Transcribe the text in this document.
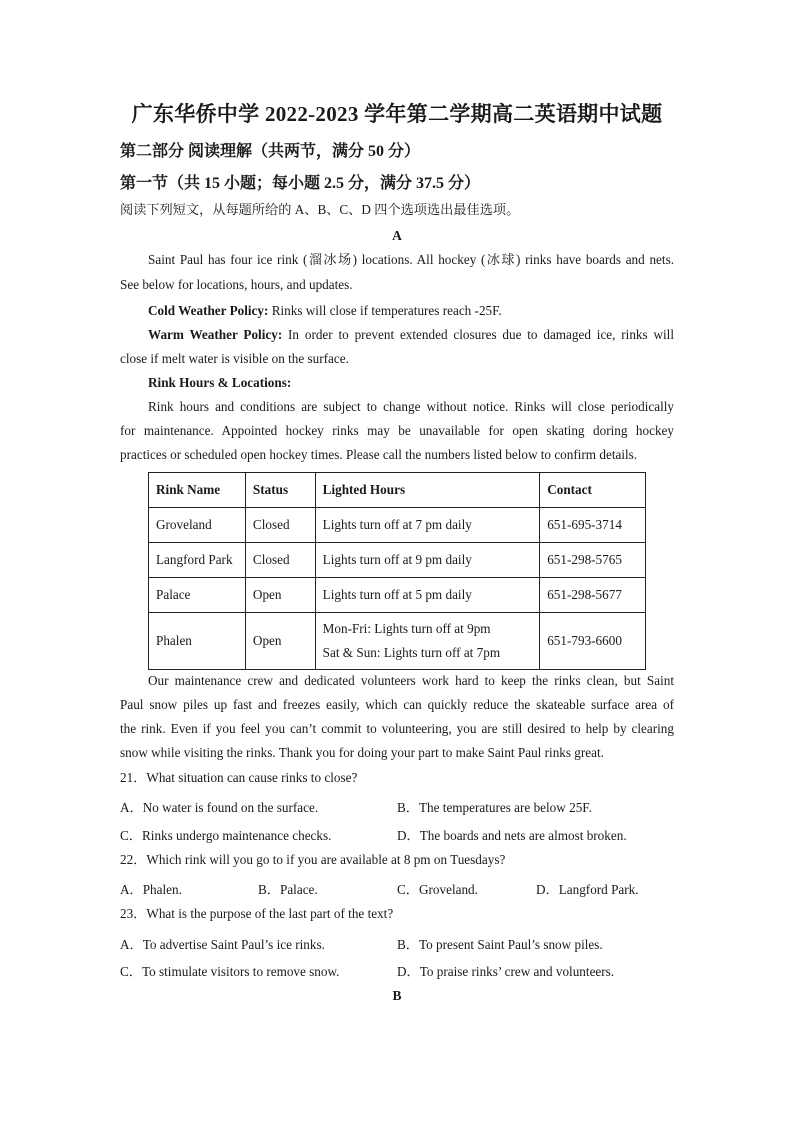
广东华侨中学 2022-2023 学年第二学期高二英语期中试题
第二部分 阅读理解（共两节，满分 50 分）
第一节（共 15 小题；每小题 2.5 分，满分 37.5 分）
阅读下列短文，从每题所给的 A、B、C、D 四个选项选出最佳选项。
A
Saint Paul has four ice rink (溜冰场) locations. All hockey (冰球) rinks have boards and nets.
See below for locations, hours, and updates.
Cold Weather Policy: Rinks will close if temperatures reach -25F.
Warm Weather Policy: In order to prevent extended closures due to damaged ice, rinks will
close if melt water is visible on the surface.
Rink Hours & Locations:
Rink hours and conditions are subject to change without notice. Rinks will close periodically
for maintenance. Appointed hockey rinks may be unavailable for open skating doring hockey
practices or scheduled open hockey times. Please call the numbers listed below to confirm details.
Rink Name	Status	Lighted Hours	Contact
Groveland	Closed	Lights turn off at 7 pm daily	651-695-3714
Langford Park	Closed	Lights turn off at 9 pm daily	651-298-5765
Palace	Open	Lights turn off at 5 pm daily	651-298-5677
Phalen	Open	Mon-Fri: Lights turn off at 9pm
Sat & Sun: Lights turn off at 7pm	651-793-6600
Our maintenance crew and dedicated volunteers work hard to keep the rinks clean, but Saint
Paul snow piles up fast and freezes easily, which can quickly reduce the skateable surface area of
the rink. Even if you feel you can’t commit to volunteering, you are still desired to help by clearing
snow while visiting the rinks. Thank you for doing your part to make Saint Paul rinks great.
21．What situation can cause rinks to close?
A．No water is found on the surface.	B．The temperatures are below 25F.
C．Rinks undergo maintenance checks.	D．The boards and nets are almost broken.
22．Which rink will you go to if you are available at 8 pm on Tuesdays?
A．Phalen.	B．Palace.	C．Groveland.	D．Langford Park.
23．What is the purpose of the last part of the text?
A．To advertise Saint Paul’s ice rinks.	B．To present Saint Paul’s snow piles.
C．To stimulate visitors to remove snow.	D．To praise rinks’ crew and volunteers.
B
